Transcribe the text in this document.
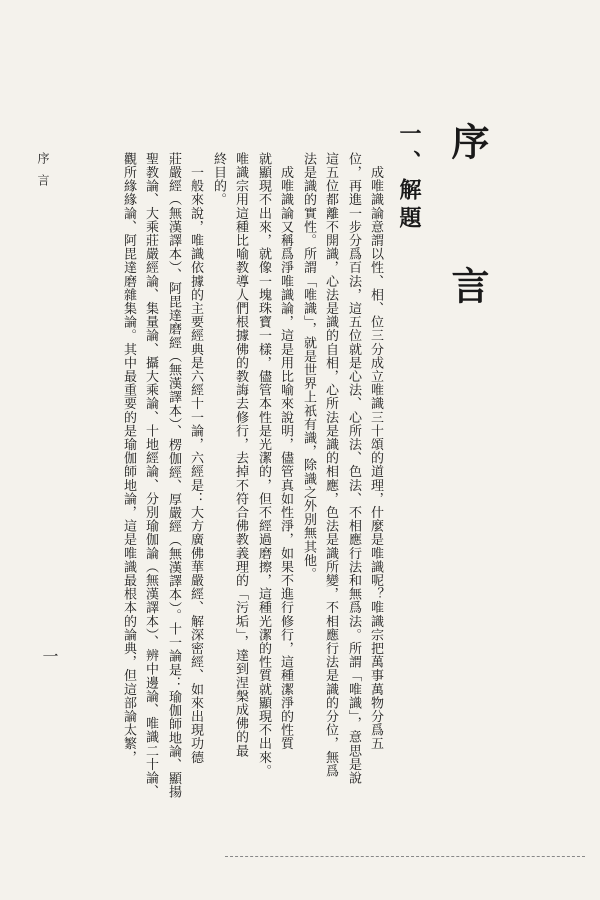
序　言
一、解題

　成唯識論意謂以性、相、位三分成立唯識三十頌的道理，什麼是唯識呢？唯識宗把萬事萬物分爲五

位，再進一步分爲百法，這五位就是心法、心所法、色法、不相應行法和無爲法。所謂「唯識」，意思是說

這五位都離不開識，心法是識的自相，心所法是識的相應，色法是識所變，不相應行法是識的分位，無爲

法是識的實性。所謂「唯識」，就是世界上祇有識，除識之外別無其他。

　成唯識論又稱爲淨唯識論，這是用比喻來說明，儘管真如性淨，如果不進行修行，這種潔淨的性質

就顯現不出來，就像一塊珠寶一樣，儘管本性是光潔的，但不經過磨擦，這種光潔的性質就顯現不出來。

唯識宗用這種比喻教導人們根據佛的教誨去修行，去掉不符合佛教義理的「污垢」，達到涅槃成佛的最

終目的。

　一般來說，唯識依據的主要經典是六經十一論，六經是：大方廣佛華嚴經、解深密經、如來出現功德

莊嚴經（無漢譯本）、阿毘達磨經（無漢譯本）、楞伽經、厚嚴經（無漢譯本）。十一論是：瑜伽師地論、顯揚

聖教論、大乘莊嚴經論、集量論、攝大乘論、十地經論、分別瑜伽論（無漢譯本）、辨中邊論、唯識二十論、

觀所緣緣論、阿毘達磨雜集論。其中最重要的是瑜伽師地論，這是唯識最根本的論典，但這部論太繁，

序言
一
